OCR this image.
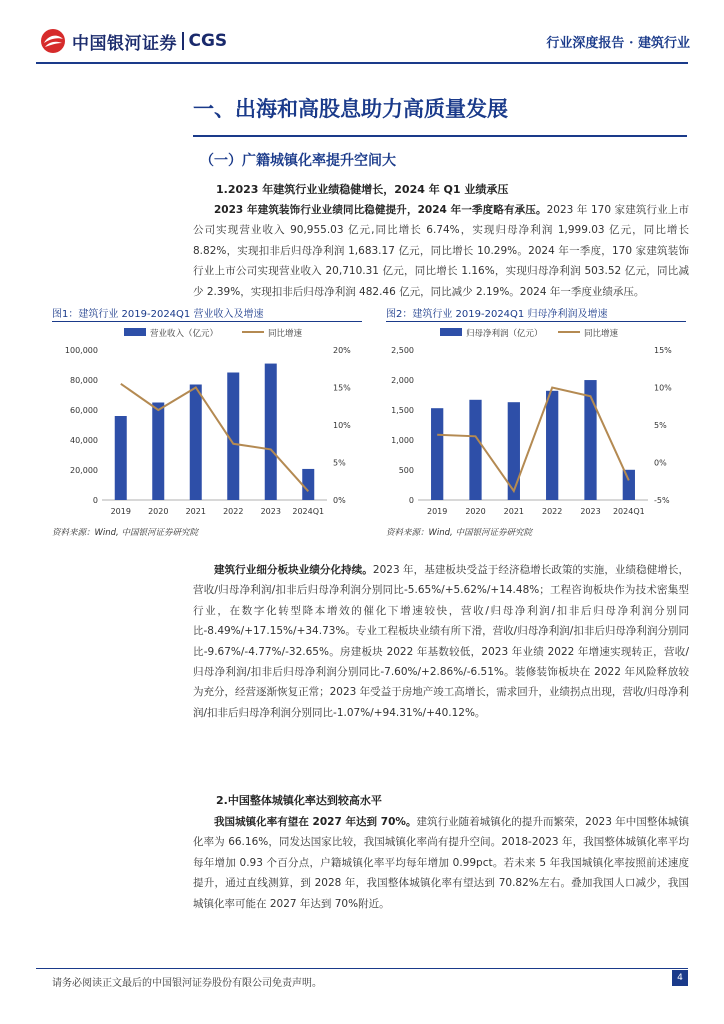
中国银河证券 CGS	行业深度报告 · 建筑行业
一、出海和高股息助力高质量发展
（一）广籍城镇化率提升空间大
1.2023 年建筑行业业绩稳健增长，2024 年 Q1 业绩承压

2023 年建筑装饰行业业绩同比稳健提升，2024 年一季度略有承压。2023 年 170 家建筑行业上市公司实现营业收入 90,955.03 亿元,同比增长 6.74%，实现归母净利润 1,999.03 亿元，同比增长 8.82%，实现扣非后归母净利润 1,683.17 亿元，同比增长 10.29%。2024 年一季度，170 家建筑装饰行业上市公司实现营业收入 20,710.31 亿元，同比增长 1.16%，实现归母净利润 503.52 亿元，同比减少 2.39%，实现扣非后归母净利润 482.46 亿元，同比减少 2.19%。2024 年一季度业绩承压。

图1：建筑行业 2019-2024Q1 营业收入及增速
营业收入（亿元）	同比增速
0
20,000
40,000
60,000
80,000
100,000
0%
5%
10%
15%
20%
2019 2020 2021 2022 2023 2024Q1
资料来源：Wind, 中国银河证券研究院
图2：建筑行业 2019-2024Q1 归母净利润及增速
归母净利润（亿元）	同比增速
0
500
1,000
1,500
2,000
2,500
-5%
0%
5%
10%
15%
2019 2020 2021 2022 2023 2024Q1
资料来源：Wind, 中国银河证券研究院

建筑行业细分板块业绩分化持续。2023 年，基建板块受益于经济稳增长政策的实施，业绩稳健增长，营收/归母净利润/扣非后归母净利润分别同比-5.65%/+5.62%/+14.48%；工程咨询板块作为技术密集型行业，在数字化转型降本增效的催化下增速较快，营收/归母净利润/扣非后归母净利润分别同比-8.49%/+17.15%/+34.73%。专业工程板块业绩有所下滑，营收/归母净利润/扣非后归母净利润分别同比-9.67%/-4.77%/-32.65%。房建板块 2022 年基数较低，2023 年业绩 2022 年增速实现转正，营收/归母净利润/扣非后归母净利润分别同比-7.60%/+2.86%/-6.51%。装修装饰板块在 2022 年风险释放较为充分，经营逐渐恢复正常；2023 年受益于房地产竣工高增长，需求回升，业绩拐点出现，营收/归母净利润/扣非后归母净利润分别同比-1.07%/+94.31%/+40.12%。

2.中国整体城镇化率达到较高水平

我国城镇化率有望在 2027 年达到 70%。建筑行业随着城镇化的提升而繁荣，2023 年中国整体城镇化率为 66.16%，同发达国家比较，我国城镇化率尚有提升空间。2018-2023 年，我国整体城镇化率平均每年增加 0.93 个百分点，户籍城镇化率平均每年增加 0.99pct。若未来 5 年我国城镇化率按照前述速度提升，通过直线测算，到 2028 年，我国整体城镇化率有望达到 70.82%左右。叠加我国人口减少，我国城镇化率可能在 2027 年达到 70%附近。

请务必阅读正文最后的中国银河证券股份有限公司免责声明。	4
